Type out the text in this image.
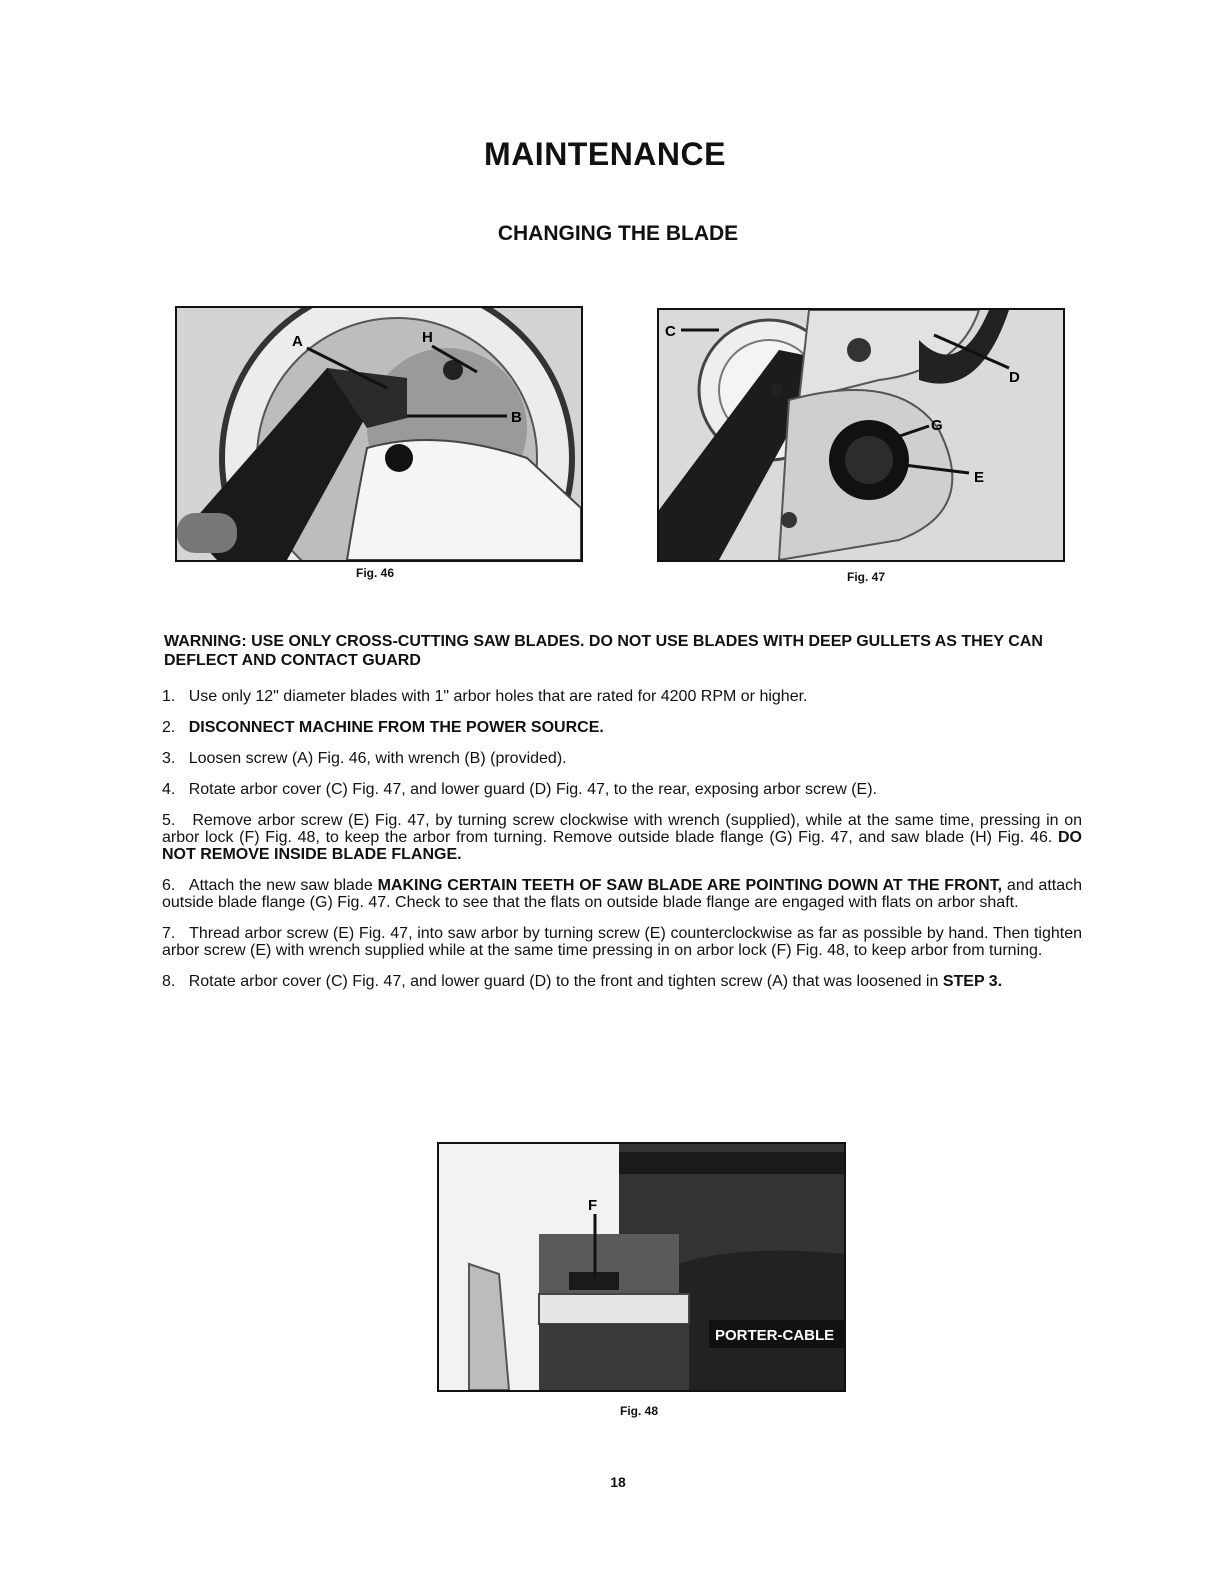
MAINTENANCE
CHANGING THE BLADE
A	H
B
Fig. 46
C
D
G
E
Fig. 47
WARNING: USE ONLY CROSS-CUTTING SAW BLADES. DO NOT USE BLADES WITH DEEP GULLETS AS THEY CAN DEFLECT AND CONTACT GUARD
1. Use only 12" diameter blades with 1" arbor holes that are rated for 4200 RPM or higher.
2. DISCONNECT MACHINE FROM THE POWER SOURCE.
3. Loosen screw (A) Fig. 46, with wrench (B) (provided).
4. Rotate arbor cover (C) Fig. 47, and lower guard (D) Fig. 47, to the rear, exposing arbor screw (E).
5. Remove arbor screw (E) Fig. 47, by turning screw clockwise with wrench (supplied), while at the same time, pressing in on arbor lock (F) Fig. 48, to keep the arbor from turning. Remove outside blade flange (G) Fig. 47, and saw blade (H) Fig. 46. DO NOT REMOVE INSIDE BLADE FLANGE.
6. Attach the new saw blade MAKING CERTAIN TEETH OF SAW BLADE ARE POINTING DOWN AT THE FRONT, and attach outside blade flange (G) Fig. 47. Check to see that the flats on outside blade flange are engaged with flats on arbor shaft.
7. Thread arbor screw (E) Fig. 47, into saw arbor by turning screw (E) counterclockwise as far as possible by hand. Then tighten arbor screw (E) with wrench supplied while at the same time pressing in on arbor lock (F) Fig. 48, to keep arbor from turning.
8. Rotate arbor cover (C) Fig. 47, and lower guard (D) to the front and tighten screw (A) that was loosened in STEP 3.
PORTER-CABLE
F
Fig. 48
18
